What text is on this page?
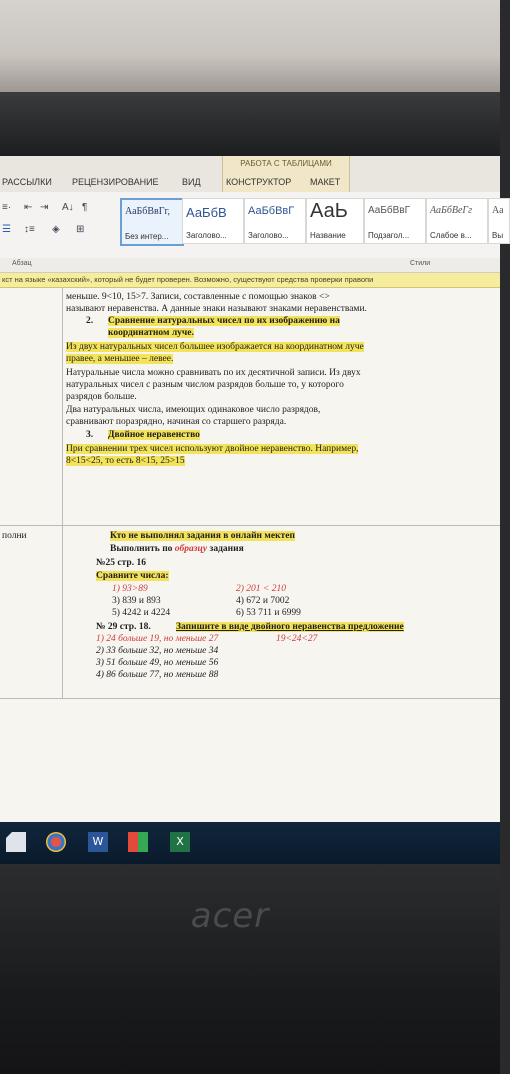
РАБОТА С ТАБЛИЦАМИ
РАССЫЛКИ РЕЦЕНЗИРОВАНИЕ	ВИД	КОНСТРУКТОР МАКЕТ
≡· ⇤ ⇥ A↓ ¶
☰ ↕≡ ◈ ⊞
АаБбВвГг,
Без интер...
АаБбВ
Заголово...
АаБбВвГ
Заголово...
АаЬ
Название
АаБбВвГ
Подзагол...
АаБбВеГг
Слабое в...
Аа
Вы
Абзац	Стили
кст на языке «казахский», который не будет проверен. Возможно, существуют средства проверки правопи
меньше. 9<10, 15>7. Записи, составленные с помощью знаков <>
называют неравенства. А данные знаки называют знаками неравенствами.
2. Сравнение натуральных чисел по их изображению на
координатном луче.
Из двух натуральных чисел большее изображается на координатном луче
правее, а меньшее – левее.
Натуральные числа можно сравнивать по их десятичной записи. Из двух
натуральных чисел с разным числом разрядов больше то, у которого
разрядов больше.
Два натуральных числа, имеющих одинаковое число разрядов,
сравнивают поразрядно, начиная со старшего разряда.
3. Двойное неравенство
При сравнении трех чисел используют двойное неравенство. Например,
8<15<25, то есть 8<15, 25>15
полни	Кто не выполнял задания в онлайн мектеп
Выполнить по образцу задания
№25 стр. 16
Сравните числа:
1) 93>89	2) 201 < 210
3) 839 и 893	4) 672 и 7002
5) 4242 и 4224	6) 53 711 и 6999
№ 29 стр. 18.	Запишите в виде двойного неравенства предложение
1) 24 больше 19, но меньше 27	19<24<27
2) 33 больше 32, но меньше 34
3) 51 больше 49, но меньше 56
4) 86 больше 77, но меньше 88
W	X
acer
